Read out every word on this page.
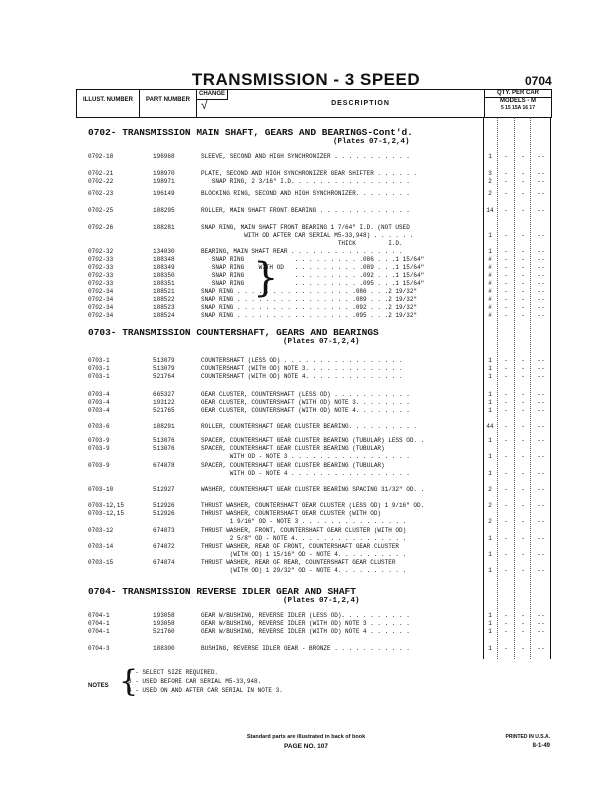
TRANSMISSION - 3 SPEED	0704
ILLUST. NUMBER	PART NUMBER
CHANGE
√	DESCRIPTION
QTY. PER CAR
MODELS - M
5 15 15A 16 17
0702- TRANSMISSION MAIN SHAFT, GEARS AND BEARINGS-Cont'd.
(Plates 07-1,2,4)
0703- TRANSMISSION COUNTERSHAFT, GEARS AND BEARINGS
(Plates 07-1,2,4)
0704- TRANSMISSION REVERSE IDLER GEAR AND SHAFT
(Plates 07-1,2,4)
}
0702-18	196968	SLEEVE, SECOND AND HIGH SYNCHRONIZER . . . . . . . . . . .	1	-	-	- -
0702-21	198970	PLATE, SECOND AND HIGH SYNCHRONIZER GEAR SHIFTER . . . . . .	3	-	-	- -
0702-22	198971	SNAP RING, 2 3/16" I.D. . . . . . . . . . . . . . . . .	2	-	-	- -
0702-23	196149	BLOCKING RING, SECOND AND HIGH SYNCHRONIZER. . . . . . . .	2	-	-	- -
0702-25	188295	ROLLER, MAIN SHAFT FRONT BEARING . . . . . . . . . . . . .	14	-	-	- -
0702-26	188281	SNAP RING, MAIN SHAFT FRONT BEARING 1 7/64" I.D. (NOT USED
WITH OD AFTER CAR SERIAL M5-33,948) . . . . . .	1	-	-	- -
THICK         I.D.
0702-32	134030	BEARING, MAIN SHAFT REAR . . . . . . . . . . . . . . . .	1	-	-	- -
0702-33	188348	SNAP RING              . . . . . . . . . .086 . . .1 15/64"	#	-	-	- -
0702-33	188349	SNAP RING    WITH OD   . . . . . . . . . .089 . . .1 15/64"	#	-	-	- -
0702-33	188350	SNAP RING              . . . . . . . . . .092 . . .1 15/64"	#	-	-	- -
0702-33	188351	SNAP RING              . . . . . . . . . .095 . . .1 15/64"	#	-	-	- -
0702-34	188521	SNAP RING . . . . . . . . . . . . . . . . .086 . . .2 19/32"	#	-	-	- -
0702-34	188522	SNAP RING . . . . . . . . . . . . . . . . .089 . . .2 19/32"	#	-	-	- -
0702-34	188523	SNAP RING . . . . . . . . . . . . . . . . .092 . . .2 19/32"	#	-	-	- -
0702-34	188524	SNAP RING . . . . . . . . . . . . . . . . .095 . . .2 19/32"	#	-	-	- -
0703-1	513079	COUNTERSHAFT (LESS OD) . . . . . . . . . . . . . . . . .	1	-	-	- -
0703-1	513079	COUNTERSHAFT (WITH OD) NOTE 3. . . . . . . . . . . . . .	1	-	-	- -
0703-1	521764	COUNTERSHAFT (WITH OD) NOTE 4. . . . . . . . . . . . . .	1	-	-	- -
0703-4	665327	GEAR CLUSTER, COUNTERSHAFT (LESS OD) . . . . . . . . . . .	1	-	-	- -
0703-4	193122	GEAR CLUSTER, COUNTERSHAFT (WITH OD) NOTE 3. . . . . . . .	1	-	-	- -
0703-4	521765	GEAR CLUSTER, COUNTERSHAFT (WITH OD) NOTE 4. . . . . . . .	1	-	-	- -
0703-6	188291	ROLLER, COUNTERSHAFT GEAR CLUSTER BEARING. . . . . . . . . .	44	-	-	- -
0703-9	513076	SPACER, COUNTERSHAFT GEAR CLUSTER BEARING (TUBULAR) LESS OD. .	1	-	-	- -
0703-9	513076	SPACER, COUNTERSHAFT GEAR CLUSTER BEARING (TUBULAR)
WITH OD - NOTE 3 . . . . . . . . . . . . . . . . .	1	-	-	- -
0703-9	674878	SPACER, COUNTERSHAFT GEAR CLUSTER BEARING (TUBULAR)
WITH OD - NOTE 4 . . . . . . . . . . . . . . . . .	1	-	-	- -
0703-10	512927	WASHER, COUNTERSHAFT GEAR CLUSTER BEARING SPACING 31/32" OD. .	2	-	-	- -
0703-12,15	512926	THRUST WASHER, COUNTERSHAFT GEAR CLUSTER (LESS OD) 1 9/16" OD.	2	-	-	- -
0703-12,15	512926	THRUST WASHER, COUNTERSHAFT GEAR CLUSTER (WITH OD)
1 9/16" OD - NOTE 3 . . . . . . . . . . . . . . .	2	-	-	- -
0703-12	674873	THRUST WASHER, FRONT, COUNTERSHAFT GEAR CLUSTER (WITH OD)
2 5/8" OD - NOTE 4. . . . . . . . . . . . . . . .	1	-	-	- -
0703-14	674872	THRUST WASHER, REAR OF FRONT, COUNTERSHAFT GEAR CLUSTER
(WITH OD) 1 15/16" OD - NOTE 4. . . . . . . . . .	1	-	-	- -
0703-15	674874	THRUST WASHER, REAR OF REAR, COUNTERSHAFT GEAR CLUSTER
(WITH OD) 1 29/32" OD - NOTE 4. . . . . . . . . .	1	-	-	- -
0704-1	193058	GEAR W/BUSHING, REVERSE IDLER (LESS OD). . . . . . . . . .	1	-	-	- -
0704-1	193058	GEAR W/BUSHING, REVERSE IDLER (WITH OD) NOTE 3 . . . . . .	1	-	-	- -
0704-1	521760	GEAR W/BUSHING, REVERSE IDLER (WITH OD) NOTE 4 . . . . . .	1	-	-	- -
0704-3	188300	BUSHING, REVERSE IDLER GEAR - BRONZE . . . . . . . . . . .	1	-	-	- -
NOTES {
# - SELECT SIZE REQUIRED.
3 - USED BEFORE CAR SERIAL M5-33,948.
4 - USED ON AND AFTER CAR SERIAL IN NOTE 3.
Standard parts are illustrated in back of book
PAGE NO. 107
PRINTED IN U.S.A.
8-1-49
